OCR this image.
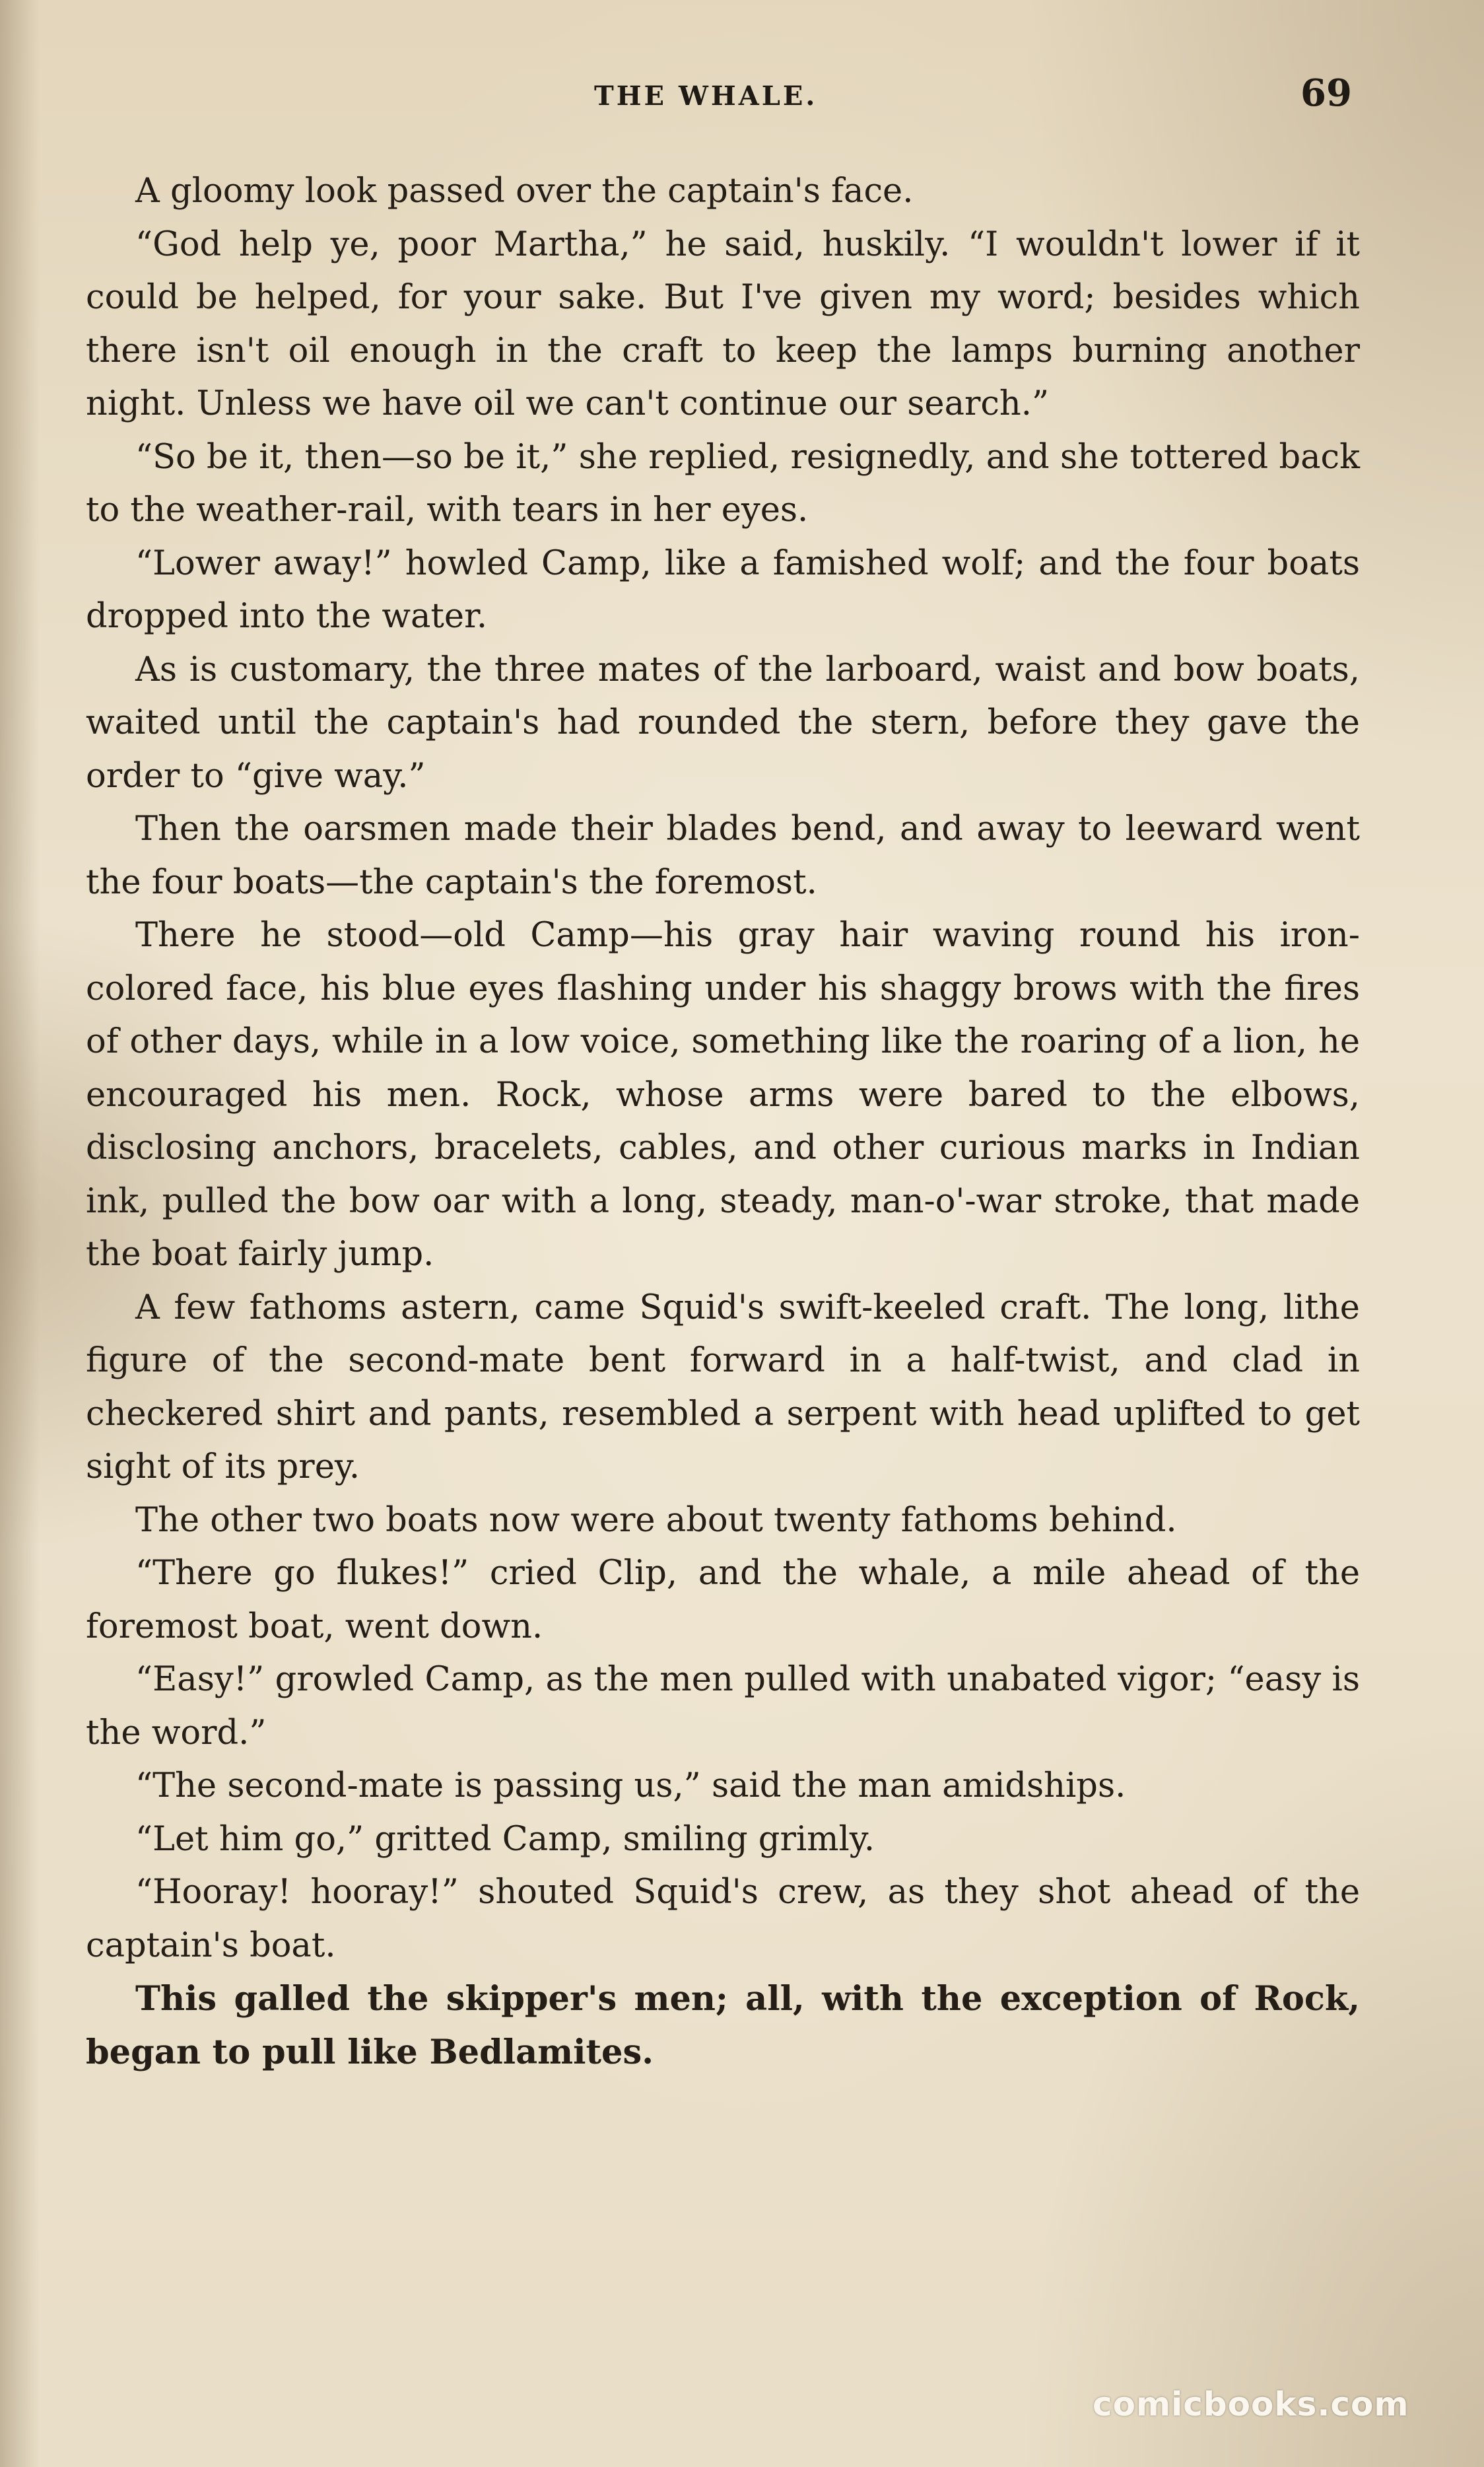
THE WHALE.	69

A gloomy look passed over the captain's face.

“God help ye, poor Martha,” he said, huskily. “I wouldn't lower if it could be helped, for your sake. But I've given my word; besides which there isn't oil enough in the craft to keep the lamps burning another night. Unless we have oil we can't continue our search.”

“So be it, then—so be it,” she replied, resignedly, and she tottered back to the weather-rail, with tears in her eyes.

“Lower away!” howled Camp, like a famished wolf; and the four boats dropped into the water.

As is customary, the three mates of the larboard, waist and bow boats, waited until the captain's had rounded the stern, before they gave the order to “give way.”

Then the oarsmen made their blades bend, and away to leeward went the four boats—the captain's the foremost.

There he stood—old Camp—his gray hair waving round his iron-colored face, his blue eyes flashing under his shaggy brows with the fires of other days, while in a low voice, something like the roaring of a lion, he encouraged his men. Rock, whose arms were bared to the elbows, disclosing anchors, bracelets, cables, and other curious marks in Indian ink, pulled the bow oar with a long, steady, man-o'-war stroke, that made the boat fairly jump.

A few fathoms astern, came Squid's swift-keeled craft. The long, lithe figure of the second-mate bent forward in a half-twist, and clad in checkered shirt and pants, resembled a serpent with head uplifted to get sight of its prey.

The other two boats now were about twenty fathoms behind.

“There go flukes!” cried Clip, and the whale, a mile ahead of the foremost boat, went down.

“Easy!” growled Camp, as the men pulled with unabated vigor; “easy is the word.”

“The second-mate is passing us,” said the man amidships.

“Let him go,” gritted Camp, smiling grimly.

“Hooray! hooray!” shouted Squid's crew, as they shot ahead of the captain's boat.

This galled the skipper's men; all, with the exception of Rock, began to pull like Bedlamites.

comicbooks.com
